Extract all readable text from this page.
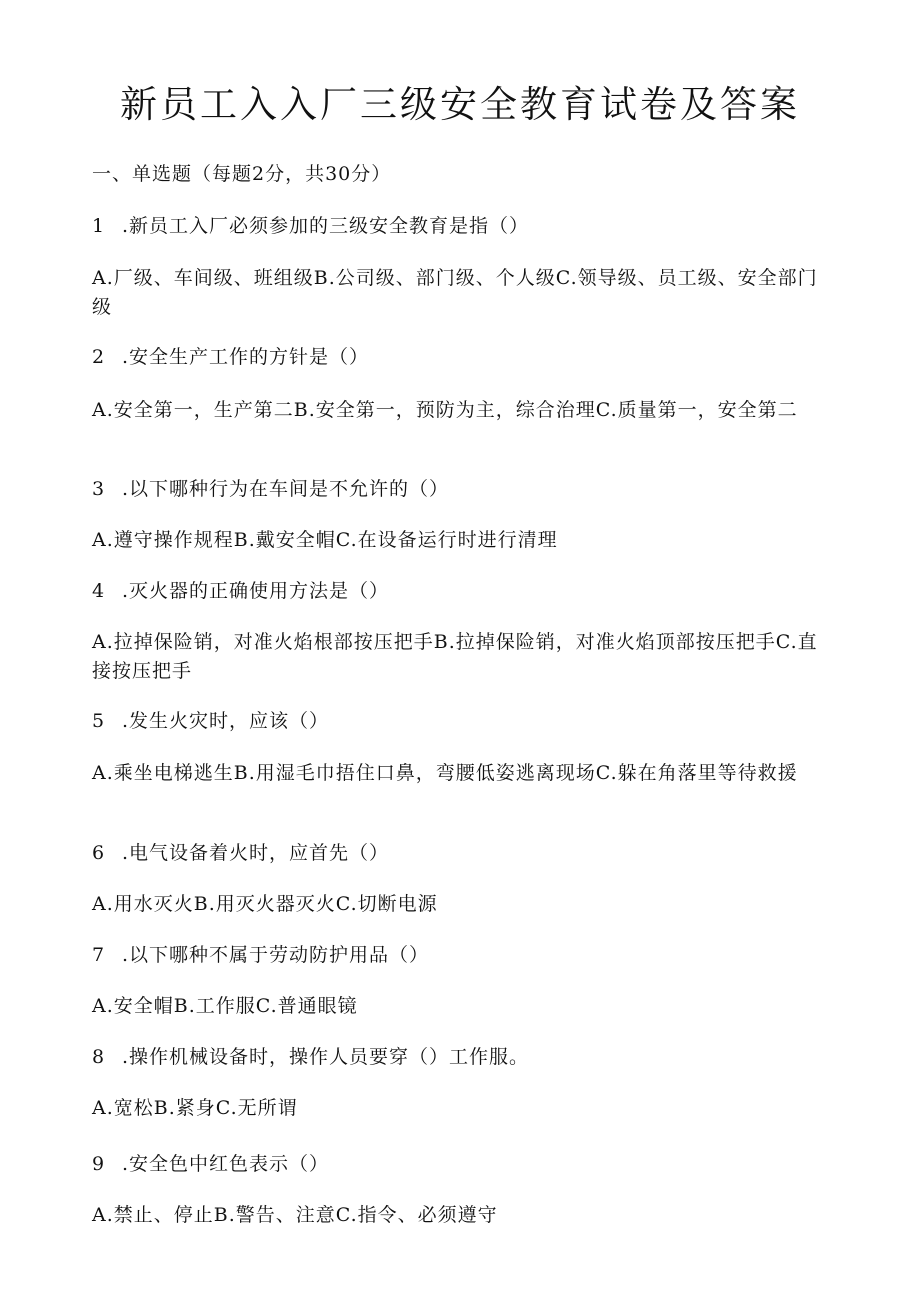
新员工入入厂三级安全教育试卷及答案
一、单选题（每题2分，共30分）
1 .新员工入厂必须参加的三级安全教育是指（）
A.厂级、车间级、班组级B.公司级、部门级、个人级C.领导级、员工级、安全部门级
2 .安全生产工作的方针是（）
A.安全第一，生产第二B.安全第一，预防为主，综合治理C.质量第一，安全第二
3 .以下哪种行为在车间是不允许的（）
A.遵守操作规程B.戴安全帽C.在设备运行时进行清理
4 .灭火器的正确使用方法是（）
A.拉掉保险销，对准火焰根部按压把手B.拉掉保险销，对准火焰顶部按压把手C.直接按压把手
5 .发生火灾时，应该（）
A.乘坐电梯逃生B.用湿毛巾捂住口鼻，弯腰低姿逃离现场C.躲在角落里等待救援
6 .电气设备着火时，应首先（）
A.用水灭火B.用灭火器灭火C.切断电源
7 .以下哪种不属于劳动防护用品（）
A.安全帽B.工作服C.普通眼镜
8 .操作机械设备时，操作人员要穿（）工作服。
A.宽松B.紧身C.无所谓
9 .安全色中红色表示（）
A.禁止、停止B.警告、注意C.指令、必须遵守
